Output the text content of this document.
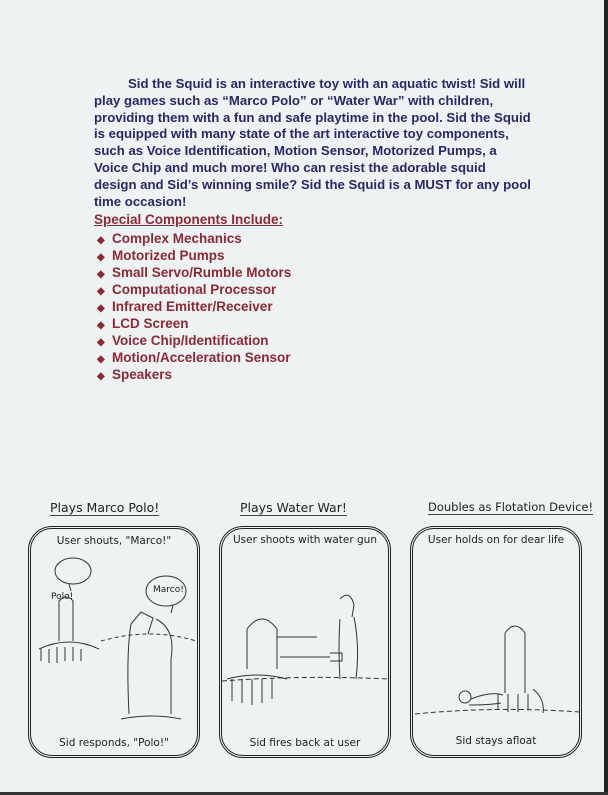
Sid the Squid is an interactive toy with an aquatic twist! Sid will
play games such as “Marco Polo” or “Water War” with children,
providing them with a fun and safe playtime in the pool. Sid the Squid
is equipped with many state of the art interactive toy components,
such as Voice Identification, Motion Sensor, Motorized Pumps, a
Voice Chip and much more! Who can resist the adorable squid
design and Sid’s winning smile? Sid the Squid is a MUST for any pool
time occasion!
Special Components Include:
◆ Complex Mechanics
◆ Motorized Pumps
◆ Small Servo/Rumble Motors
◆ Computational Processor
◆ Infrared Emitter/Receiver
◆ LCD Screen
◆ Voice Chip/Identification
◆ Motion/Acceleration Sensor
◆ Speakers
Plays Marco Polo!	Plays Water War!	Doubles as Flotation Device!
User shouts, "Marco!"
Polo!
Marco!
Sid responds, "Polo!"
User shoots with water gun
Sid fires back at user
User holds on for dear life
Sid stays afloat
